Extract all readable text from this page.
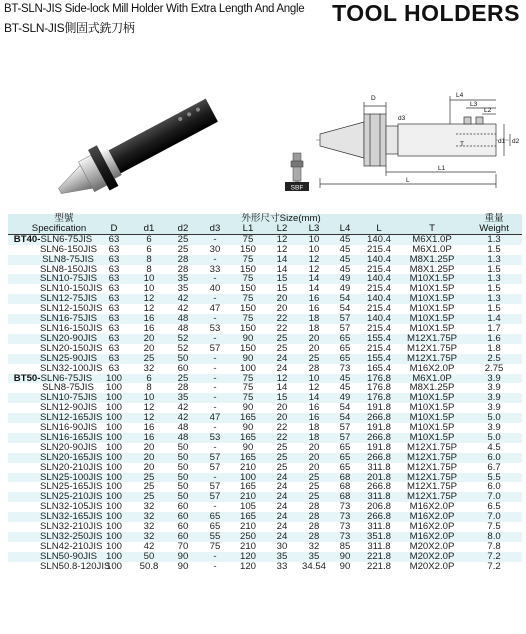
BT-SLN-JIS Side-lock Mill Holder With Extra Length And Angle
BT-SLN-JIS側固式銑刀柄
TOOL HOLDERS
SBF
D
d3
L4
L3
L2
T	d1 d2
L1
L
型號	外形尺寸Size(mm)										重量
Specification	D	d1	d2	d3	L1	L2	L3	L4	L	T	Weight
BT40-SLN6-75JIS	63	6	25	-	75	12	10	45	140.4	M6X1.0P	1.3
SLN6-150JIS	63	6	25	30	150	12	10	45	215.4	M6X1.0P	1.5
SLN8-75JIS	63	8	28	-	75	14	12	45	140.4	M8X1.25P	1.3
SLN8-150JIS	63	8	28	33	150	14	12	45	215.4	M8X1.25P	1.5
SLN10-75JIS	63	10	35	-	75	15	14	49	140.4	M10X1.5P	1.3
SLN10-150JIS	63	10	35	40	150	15	14	49	215.4	M10X1.5P	1.5
SLN12-75JIS	63	12	42	-	75	20	16	54	140.4	M10X1.5P	1.3
SLN12-150JIS	63	12	42	47	150	20	16	54	215.4	M10X1.5P	1.5
SLN16-75JIS	63	16	48	-	75	22	18	57	140.4	M10X1.5P	1.4
SLN16-150JIS	63	16	48	53	150	22	18	57	215.4	M10X1.5P	1.7
SLN20-90JIS	63	20	52	-	90	25	20	65	155.4	M12X1.75P	1.6
SLN20-150JIS	63	20	52	57	150	25	20	65	215.4	M12X1.75P	1.8
SLN25-90JIS	63	25	50	-	90	24	25	65	155.4	M12X1.75P	2.5
SLN32-100JIS	63	32	60	-	100	24	28	73	165.4	M16X2.0P	2.75
BT50-SLN6-75JIS	100	6	25	-	75	12	10	45	176.8	M6X1.0P	3.9
SLN8-75JIS	100	8	28	-	75	14	12	45	176.8	M8X1.25P	3.9
SLN10-75JIS	100	10	35	-	75	15	14	49	176.8	M10X1.5P	3.9
SLN12-90JIS	100	12	42	-	90	20	16	54	191.8	M10X1.5P	3.9
SLN12-165JIS	100	12	42	47	165	20	16	54	266.8	M10X1.5P	5.0
SLN16-90JIS	100	16	48	-	90	22	18	57	191.8	M10X1.5P	3.9
SLN16-165JIS	100	16	48	53	165	22	18	57	266.8	M10X1.5P	5.0
SLN20-90JIS	100	20	50	-	90	25	20	65	191.8	M12X1.75P	4.5
SLN20-165JIS	100	20	50	57	165	25	20	65	266.8	M12X1.75P	6.0
SLN20-210JIS	100	20	50	57	210	25	20	65	311.8	M12X1.75P	6.7
SLN25-100JIS	100	25	50	-	100	24	25	68	201.8	M12X1.75P	5.5
SLN25-165JIS	100	25	50	57	165	24	25	68	266.8	M12X1.75P	6.0
SLN25-210JIS	100	25	50	57	210	24	25	68	311.8	M12X1.75P	7.0
SLN32-105JIS	100	32	60	-	105	24	28	73	206.8	M16X2.0P	6.5
SLN32-165JIS	100	32	60	65	165	24	28	73	266.8	M16X2.0P	7.0
SLN32-210JIS	100	32	60	65	210	24	28	73	311.8	M16X2.0P	7.5
SLN32-250JIS	100	32	60	55	250	24	28	73	351.8	M16X2.0P	8.0
SLN42-210JIS	100	42	70	75	210	30	32	85	311.8	M20X2.0P	7.8
SLN50-90JIS	100	50	90	-	120	35	35	90	221.8	M20X2.0P	7.2
SLN50.8-120JIS	100	50.8	90	-	120	33	34.54	90	221.8	M20X2.0P	7.2
